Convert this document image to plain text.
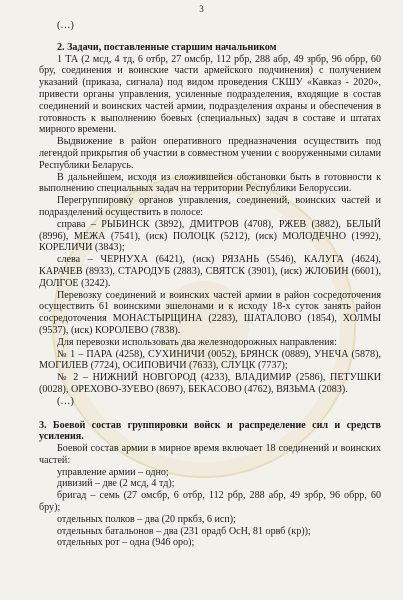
3

(…)

2. Задачи, поставленные старшим начальником

1 ТА (2 мсд, 4 тд, 6 отбр, 27 омсбр, 112 рбр, 288 абр, 49 зрбр, 96 обрр, 60 бру, соединения и воинские части армейского подчинения) с получением указаний (приказа, сигнала) под видом проведения СКШУ «Кавказ - 2020», привести органы управления, усиленные подразделения, входящие в состав соединений и воинских частей армии, подразделения охраны и обеспечения в готовность к выполнению боевых (специальных) задач в составе и штатах мирного времени.

Выдвижение в район оперативного предназначения осуществить под легендой прикрытия об участии в совместном учении с вооруженными силами Республики Беларусь.

В дальнейшем, исходя из сложившейся обстановки быть в готовности к выполнению специальных задач на территории Республики Белоруссии.

Перегруппировку органов управления, соединений, воинских частей и подразделений осуществить в полосе:

справа – РЫБИНСК (3892), ДМИТРОВ (4708), РЖЕВ (3882), БЕЛЫЙ (8996), МЕЖА (7541), (иск) ПОЛОЦК (5212), (иск) МОЛОДЕЧНО (1992), КОРЕЛИЧИ (3843);

слева – ЧЕРНУХА (6421), (иск) РЯЗАНЬ (5546), КАЛУГА (4624), КАРАЧЕВ (8933), СТАРОДУБ (2883), СВЯТСК (3901), (иск) ЖЛОБИН (6601), ДОЛГОЕ (3242).

Перевозку соединений и воинских частей армии в район сосредоточения осуществить 61 воинскими эшелонами и к исходу 18-х суток занять район сосредоточения МОНАСТЫРЩИНА (2283), ШАТАЛОВО (1854), ХОЛМЫ (9537), (иск) КОРОЛЕВО (7838).

Для перевозки использовать два железнодорожных направления:

№ 1 – ПАРА (4258), СУХИНИЧИ (0052), БРЯНСК (0889), УНЕЧА (5878), МОГИЛЕВ (7724), ОСИПОВИЧИ (7633), СЛУЦК (7737);

№ 2 – НИЖНИЙ НОВГОРОД (4233), ВЛАДИМИР (2586), ПЕТУШКИ (0028), ОРЕХОВО-ЗУЕВО (8697), БЕКАСОВО (4762), ВЯЗЬМА (2083).

(…)

3. Боевой состав группировки войск и распределение сил и средств усиления.

Боевой состав армии в мирное время включает 18 соединений и воинских частей:

управление армии – одно;

дивизий – две (2 мсд, 4 тд);

бригад – семь (27 омсбр, 6 отбр, 112 рбр, 288 абр, 49 зрбр, 96 обрр, 60 бру);

отдельных полков – два (20 пркбз, 6 исп);

отдельных батальонов – два (231 орадб ОсН, 81 орвб (кр));

отдельных рот – одна (946 оро);
